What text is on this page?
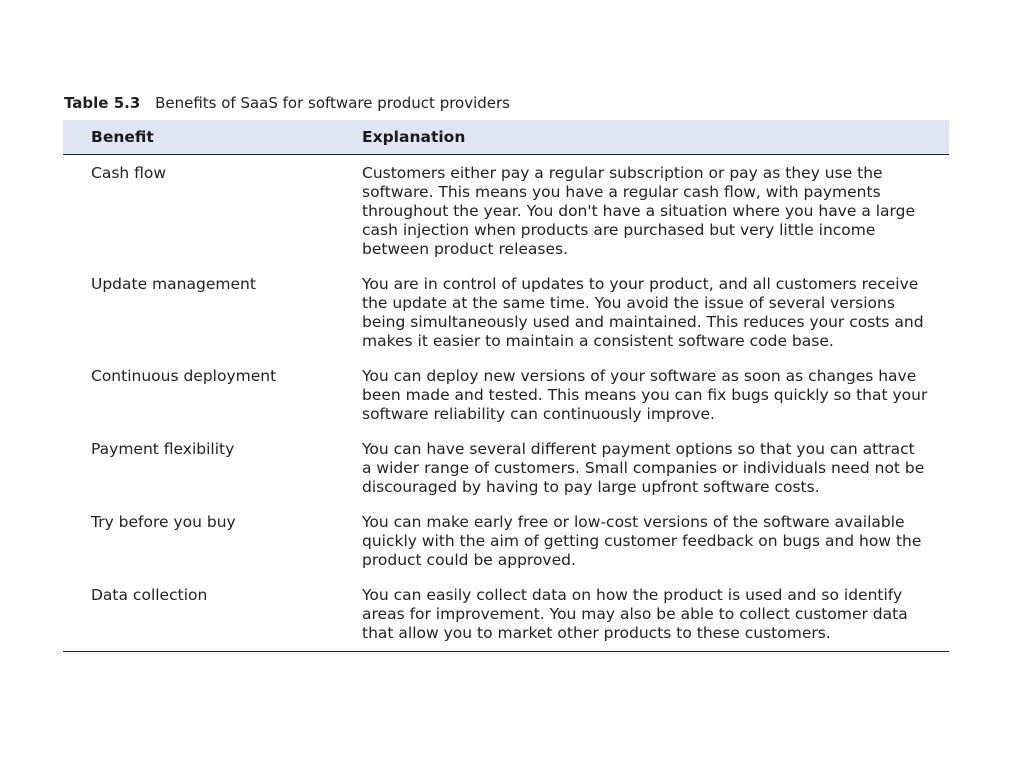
Table 5.3 Benefits of SaaS for software product providers
Benefit	Explanation
Cash flow	Customers either pay a regular subscription or pay as they use the software. This means you have a regular cash flow, with payments throughout the year. You don't have a situation where you have a large cash injection when products are purchased but very little income between product releases.
Update management	You are in control of updates to your product, and all customers receive the update at the same time. You avoid the issue of several versions being simultaneously used and maintained. This reduces your costs and makes it easier to maintain a consistent software code base.
Continuous deployment	You can deploy new versions of your software as soon as changes have been made and tested. This means you can fix bugs quickly so that your software reliability can continuously improve.
Payment flexibility	You can have several different payment options so that you can attract a wider range of customers. Small companies or individuals need not be discouraged by having to pay large upfront software costs.
Try before you buy	You can make early free or low-cost versions of the software available quickly with the aim of getting customer feedback on bugs and how the product could be approved.
Data collection	You can easily collect data on how the product is used and so identify areas for improvement. You may also be able to collect customer data that allow you to market other products to these customers.
